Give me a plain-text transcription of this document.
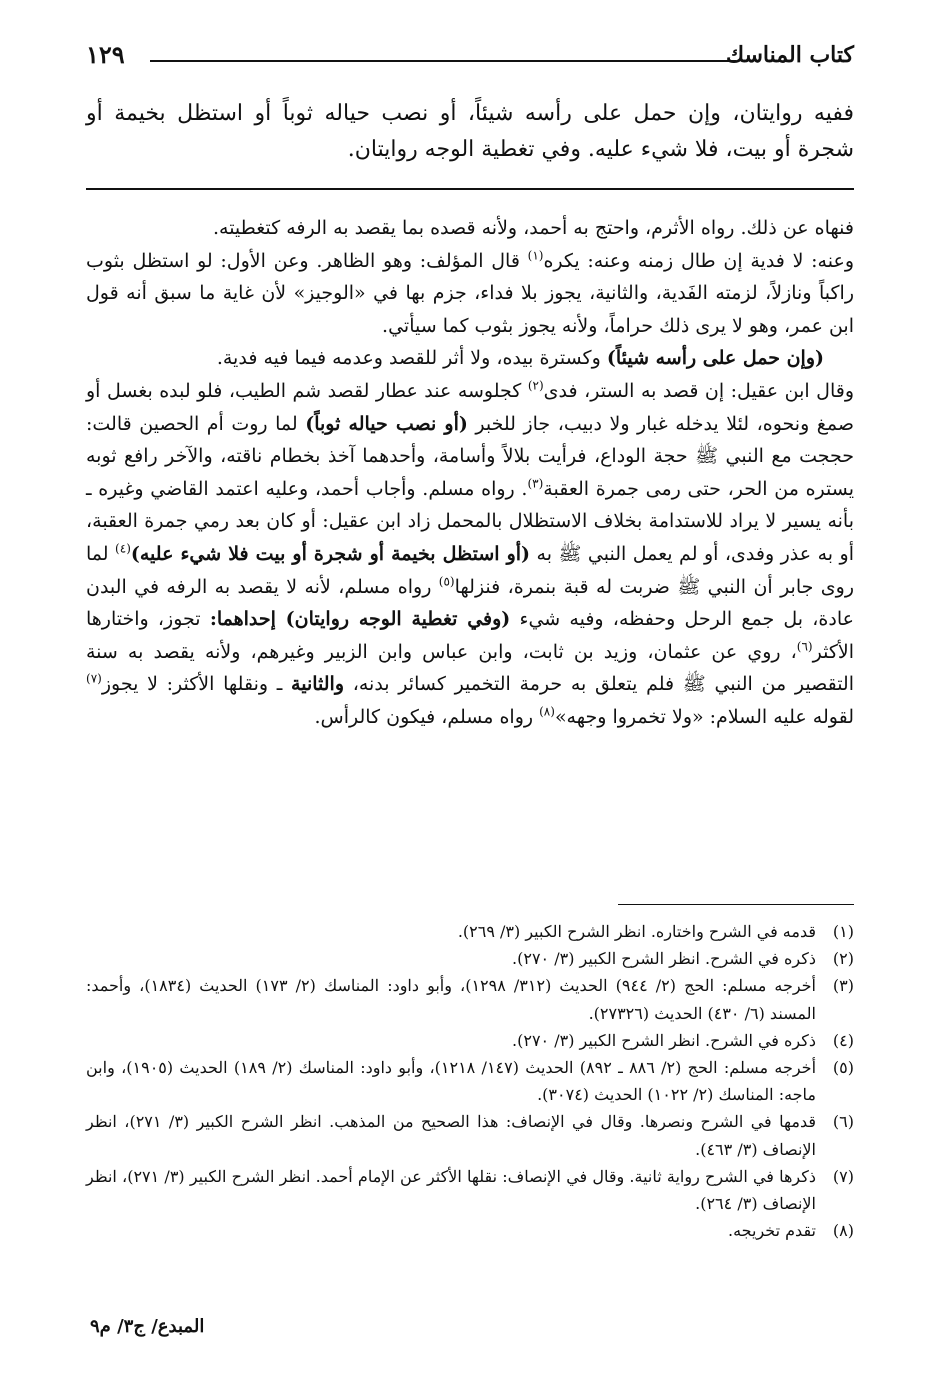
كتاب المناسك
١٢٩
ففيه روايتان، وإن حمل على رأسه شيئاً، أو نصب حياله ثوباً أو استظل بخيمة أو شجرة أو بيت، فلا شيء عليه. وفي تغطية الوجه روايتان.

فنهاه عن ذلك. رواه الأثرم، واحتج به أحمد، ولأنه قصده بما يقصد به الرفه كتغطيته.

وعنه: لا فدية إن طال زمنه وعنه: يكره$^{(١)}$ قال المؤلف: وهو الظاهر. وعن الأول: لو استظل بثوب راكباً ونازلاً، لزمته الفَدية، والثانية، يجوز بلا فداء، جزم بها في «الوجيز» لأن غاية ما سبق أنه قول ابن عمر، وهو لا يرى ذلك حراماً، ولأنه يجوز بثوب كما سيأتي.

(وإن حمل على رأسه شيئاً) وكسترة بيده، ولا أثر للقصد وعدمه فيما فيه فدية.

وقال ابن عقيل: إن قصد به الستر، فدى$^{(٢)}$ كجلوسه عند عطار لقصد شم الطيب، فلو لبده بغسل أو صمغ ونحوه، لئلا يدخله غبار ولا دبيب، جاز للخبر (أو نصب حياله ثوباً) لما روت أم الحصين قالت: حججت مع النبي ﷺ حجة الوداع، فرأيت بلالاً وأسامة، وأحدهما آخذ بخطام ناقته، والآخر رافع ثوبه يستره من الحر، حتى رمى جمرة العقبة$^{(٣)}$. رواه مسلم. وأجاب أحمد، وعليه اعتمد القاضي وغيره ـ بأنه يسير لا يراد للاستدامة بخلاف الاستظلال بالمحمل زاد ابن عقيل: أو كان بعد رمي جمرة العقبة، أو به عذر وفدى، أو لم يعمل النبي ﷺ به (أو استظل بخيمة أو شجرة أو بيت فلا شيء عليه)$^{(٤)}$ لما روى جابر أن النبي ﷺ ضربت له قبة بنمرة، فنزلها$^{(٥)}$ رواه مسلم، لأنه لا يقصد به الرفه في البدن عادة، بل جمع الرحل وحفظه، وفيه شيء (وفي تغطية الوجه روايتان) إحداهما: تجوز، واختارها الأكثر$^{(٦)}$، روي عن عثمان، وزيد بن ثابت، وابن عباس وابن الزبير وغيرهم، ولأنه يقصد به سنة التقصير من النبي ﷺ فلم يتعلق به حرمة التخمير كسائر بدنه، والثانية ـ ونقلها الأكثر: لا يجوز$^{(٧)}$ لقوله عليه السلام: «ولا تخمروا وجهه»$^{(٨)}$ رواه مسلم، فيكون كالرأس.

(١)
قدمه في الشرح واختاره. انظر الشرح الكبير (٣/ ٢٦٩).
(٢)
ذكره في الشرح. انظر الشرح الكبير (٣/ ٢٧٠).
(٣)
أخرجه مسلم: الحج (٢/ ٩٤٤) الحديث (٣١٢/ ١٢٩٨)، وأبو داود: المناسك (٢/ ١٧٣) الحديث (١٨٣٤)، وأحمد: المسند (٦/ ٤٣٠) الحديث (٢٧٣٢٦).
(٤)
ذكره في الشرح. انظر الشرح الكبير (٣/ ٢٧٠).
(٥)
أخرجه مسلم: الحج (٢/ ٨٨٦ ـ ٨٩٢) الحديث (١٤٧/ ١٢١٨)، وأبو داود: المناسك (٢/ ١٨٩) الحديث (١٩٠٥)، وابن ماجه: المناسك (٢/ ١٠٢٢) الحديث (٣٠٧٤).
(٦)
قدمها في الشرح ونصرها. وقال في الإنصاف: هذا الصحيح من المذهب. انظر الشرح الكبير (٣/ ٢٧١)، انظر الإنصاف (٣/ ٤٦٣).
(٧)
ذكرها في الشرح رواية ثانية. وقال في الإنصاف: نقلها الأكثر عن الإمام أحمد. انظر الشرح الكبير (٣/ ٢٧١)، انظر الإنصاف (٣/ ٢٦٤).
(٨)
تقدم تخريجه.
المبدع/ ج٣/ م٩
